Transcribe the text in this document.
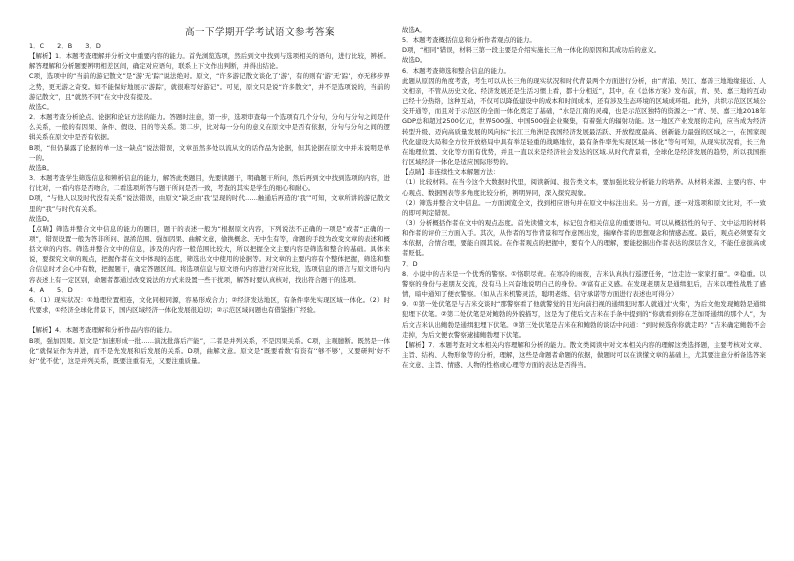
高一下学期开学考试语文参考答案

1．C　　2．B　　3．D

【解析】1．本题考查理解并分析文中重要内容的能力。首先浏览选项，然后到文中找到与选项相关的语句，进行比较，辨析。解答理解和分析题要辨明相差区间，确定对应语句，联系上下文作出判断，并得出结论。

C项，选项中的“当前的游记散文”是“游‘无’踪”说法绝对。原文，“许多游记散文谈化了‘游’，有的则有‘游’无‘踪’，亦无移步界之势，更无游之奇变。如不能保好地展示‘游踪’，就很难写好游记”。可见，原文只是说“许多散文”，并不是选项说的，当前的游记散文”，且“就然不同”在文中没有提及。

故选C。

2．本题考查分析论点、论据和论证方法的能力。答题时注意，第一步，选项审查每一个选项有几个分句，分句与分句之间是什么关系，一般的有因果、条件、假设、目的等关系。第二步，比对每一分句的意义在原文中是否有依据，分句与分句之间的逻辑关系在原文中是否有依据。

B项，“但仍暴露了论据的单一这一缺点”说法错误，文章虽然多处以流从文的话作品为论据，但其论据在原文中并未说明是单一的。

故选B。

3．本题考查学生筛选信息和辨析信息的能力，解答此类题目，先要读题干，明确题干所问，然后再到文中找到选项的内容，进行比对，一看内容是否吻合，二看选项所答与题干所问是否一致，考查的其实是学生的细心和耐心。

D项，“与他人以及时代没有关系”说法错误，由原文“缺乏由‘我’呈现的时代……触通后再造的‘我’”可知，文章所讲的游记散文里的“我”与时代有关系。

故选D。

【点睛】筛选并整合文中信息的能力的题目，题干的表述一般为“根据原文内容，下列说法不正确的一项是”或者“正确的一项”，错误设置一般为答非所问、混淆范围、强加因果、曲解文意，偷换概念、无中生有等，命题的手段为改变文章的表述和概括文章的内容。筛选并整合文中的信息，涉及的内容一般范围比较大，所以把握全文主要内容是筛选和整合的基础。具体来说，要探究文章的观点，把握作者在文中体现的态度，筛选出文中使用的论据等。对文章的主要内容有个整体把握，筛选和整合信息时才会心中有数，把握题干，确定答题区间。将选项信息与原文语句内容进行对应比较，选项信息的语言与原文语句内容表述上有一定区别，命题者都通过改变说法的方式来设置一些干扰项，解答时要认真核对，找出符合题干的选项。

4．A　　5．D

6．（1）现实状况：①地理位置相连，文化同根同源，容易形成合力；②经济发达地区，有条件率先实现区域一体化。（2）时代要求，①经济全球化背景下，国内区域经济一体化发展很迫切；②示范区域问题也有借鉴推广经验。

【解析】4．本题考查理解和分析作品内容的能力。

B项，强加因果。原文是“加速形成一批……演沈批落后产能”，二者是并列关系，不是因果关系。C项，主观臆断。既然是一体化“就保证作为并进，而不是先发展和后发展的关系。D项，曲解文意。原文是“既要看数‘有资有’‘够不够’，又要研判‘好不好’‘优不优’，这是并列关系，既要注重有无，又要注重质量。

故选A。

5．本题考查概括信息和分析作者观点的能力。

D项，“相同”错误，材料三第一段主要是介绍实施长三角一体化的原因和其成功后的意义。

故选D。

6．本题考查筛选和整合信息的能力。

此题从原因的角度考查，考生可以从长三角的现实状况和时代背景两个方面进行分析，由“青浦、吴江、嘉善三地地缘接近、人文相亲，不管从历史文化、经济发展还是生活习惯上看，都十分相近”，其中，在《总体方案》发布前，青、吴、嘉三地的互动已经十分热络，这种互动，不仅可以降低建设中的成本和时间成本，还有涉及生态环境的区域成环组。此外，共织示范区区域公交开通等，而且对于示范区的全面一体化奠定了基础，“水是江南的灵魂，也是示范区独特的资源之一”青、吴、嘉三地2018年GDP总和超过2500亿元，世界500强、中国500强企业聚集，有着强大的辐射功能。这一地区产业发展的走向，应当成为经济转型升级、迈向高质量发展的风向标“长江三角洲是我国经济发展最活跃、开放程度最高、创新能力最强的区域之一，在国家现代化建设大局和全方位开放格局中具有举足轻重的战略地位，最有条件率先实现区域一体化”等句可知，从现实状况看，长三角在地理位置、文化等方面有优势，并且一直以来是经济社会发达的区域.从时代背景看，全球化是经济发展的趋势，所以我国推行区域经济一体化是适应国际形势的。

【点睛】非连续性文本解题方法：

（1）比较材料。在当今这个大数据时代里，阅读新闻、报告类文本，要加强比较分析能力的培养。从材料来源、主要内容、中心观点、数据图表等多角度比较分析，辨明异同，深入探究现象。

（2）筛选并整合文中信息。一方面浏览全文，找到相应语句并在原文中标注出来。另一方面，逐一对选项和原文比对，不一致的即可判定错误。

（3）分析概括作者在文中的观点态度。首先读懂文本，标记包含相关信息的重要语句。可以从概括性的句子、文中运用的材料和作者的评价三方面入手。其次，从作者的写作背景和写作意图出发，揣摩作者的思想观念和情感态度。最后，观点必须要有文本依据，合情合理，要能自圆其说。在作者观点的把握中，要有个人的理解，要能挖掘出作者表达的深层含义，不能任意拔高或者贬低。

7．D

8．小说中的吉米是一个优秀的警察。①恪职尽责。在寒冷的雨夜，吉米认真执行巡逻任务，“边走边一家家打量”。②稳重。以警察的身份与老朋友交流，没有马上兴奋地说明自己的身份。③富有正义感。在发现老朋友是通缉犯后，吉米以理性战胜了感情，暗中通知了便衣警察。（如从吉米机警灵活，聪明老练、信守承诺等方面进行表述也可得分）

9．①第一处伏笔是与吉米交谈时“那警察看了他就警觉的目光向前扫视的通缉犯时那人就通过‘火柴’，为后文他发现鲍勃是通缉犯埋下伏笔。②第二处伏笔是对鲍勃的外貌描写，这是为了使后文吉米在手条中提到的“你就看到你在芝加哥通缉的那个人”，为后文吉米认出鲍勃是通缉犯埋下伏笔。③第三处伏笔是吉米在和鲍勃的谈话中问道：“到时候选你你就走吗？”吉米确定鲍勃不会走掉，为后文便衣警察逮捕鲍勃埋下伏笔。

【解析】7．本题考查对文本相关内容理解和分析的能力。散文类阅读中对文本相关内容的理解这类选择题，主要考核对文章、主旨、结构、人物形象等的分析，理解，这些是命题者命题的依据，做题时可以在读懂文章的基础上，尤其要注意分析备选答案在文意、主旨、情感、人物的性格或心理等方面的表达是否得当。
